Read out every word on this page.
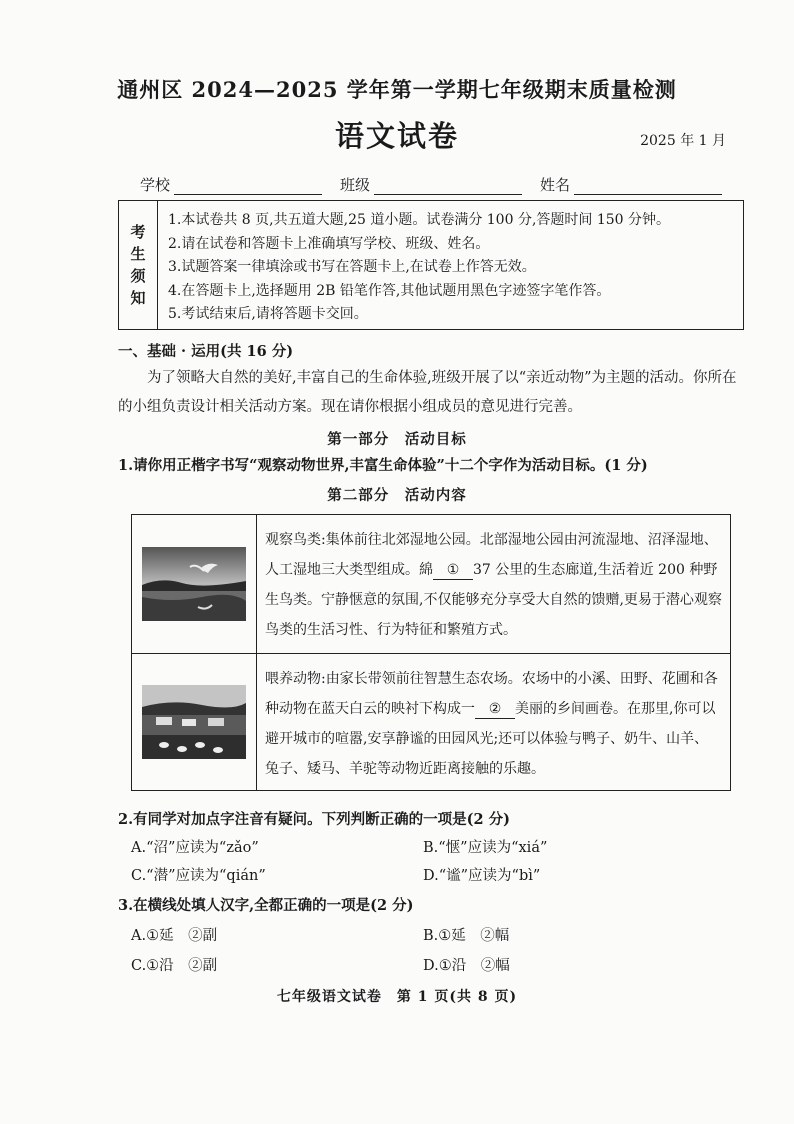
通州区 2024—2025 学年第一学期七年级期末质量检测
语文试卷	2025 年 1 月
学校	班级	姓名
考
生
须
知
1.本试卷共 8 页,共五道大题,25 道小题。试卷满分 100 分,答题时间 150 分钟。
2.请在试卷和答题卡上准确填写学校、班级、姓名。
3.试题答案一律填涂或书写在答题卡上,在试卷上作答无效。
4.在答题卡上,选择题用 2B 铅笔作答,其他试题用黑色字迹签字笔作答。
5.考试结束后,请将答题卡交回。
一、基础 · 运用(共 16 分)
为了领略大自然的美好,丰富自己的生命体验,班级开展了以“亲近动物”为主题的活动。你所在的小组负责设计相关活动方案。现在请你根据小组成员的意见进行完善。
第一部分　活动目标
1.请你用正楷字书写“观察动物世界,丰富生命体验”十二个字作为活动目标。(1 分)
第二部分　活动内容
观察鸟类:集体前往北郊湿地公园。北部湿地公园由河流湿地、沼泽湿地、人工湿地三大类型组成。綿 ① 37 公里的生态廊道,生活着近 200 种野生鸟类。宁静惬意的氛围,不仅能够充分享受大自然的馈赠,更易于潜心观察鸟类的生活习性、行为特征和繁殖方式。
喂养动物:由家长带领前往智慧生态农场。农场中的小溪、田野、花圃和各种动物在蓝天白云的映衬下构成一 ② 美丽的乡间画卷。在那里,你可以避开城市的喧嚣,安享静谧的田园风光;还可以体验与鸭子、奶牛、山羊、兔子、矮马、羊驼等动物近距离接触的乐趣。
2.有同学对加点字注音有疑问。下列判断正确的一项是(2 分)
A.“沼”应读为“zǎo”	B.“惬”应读为“xiá”
C.“潜”应读为“qián”	D.“谧”应读为“bì”
3.在横线处填人汉字,全都正确的一项是(2 分)
A.①延　②副	B.①延　②幅
C.①沿　②副	D.①沿　②幅
七年级语文试卷　第 1 页(共 8 页)
